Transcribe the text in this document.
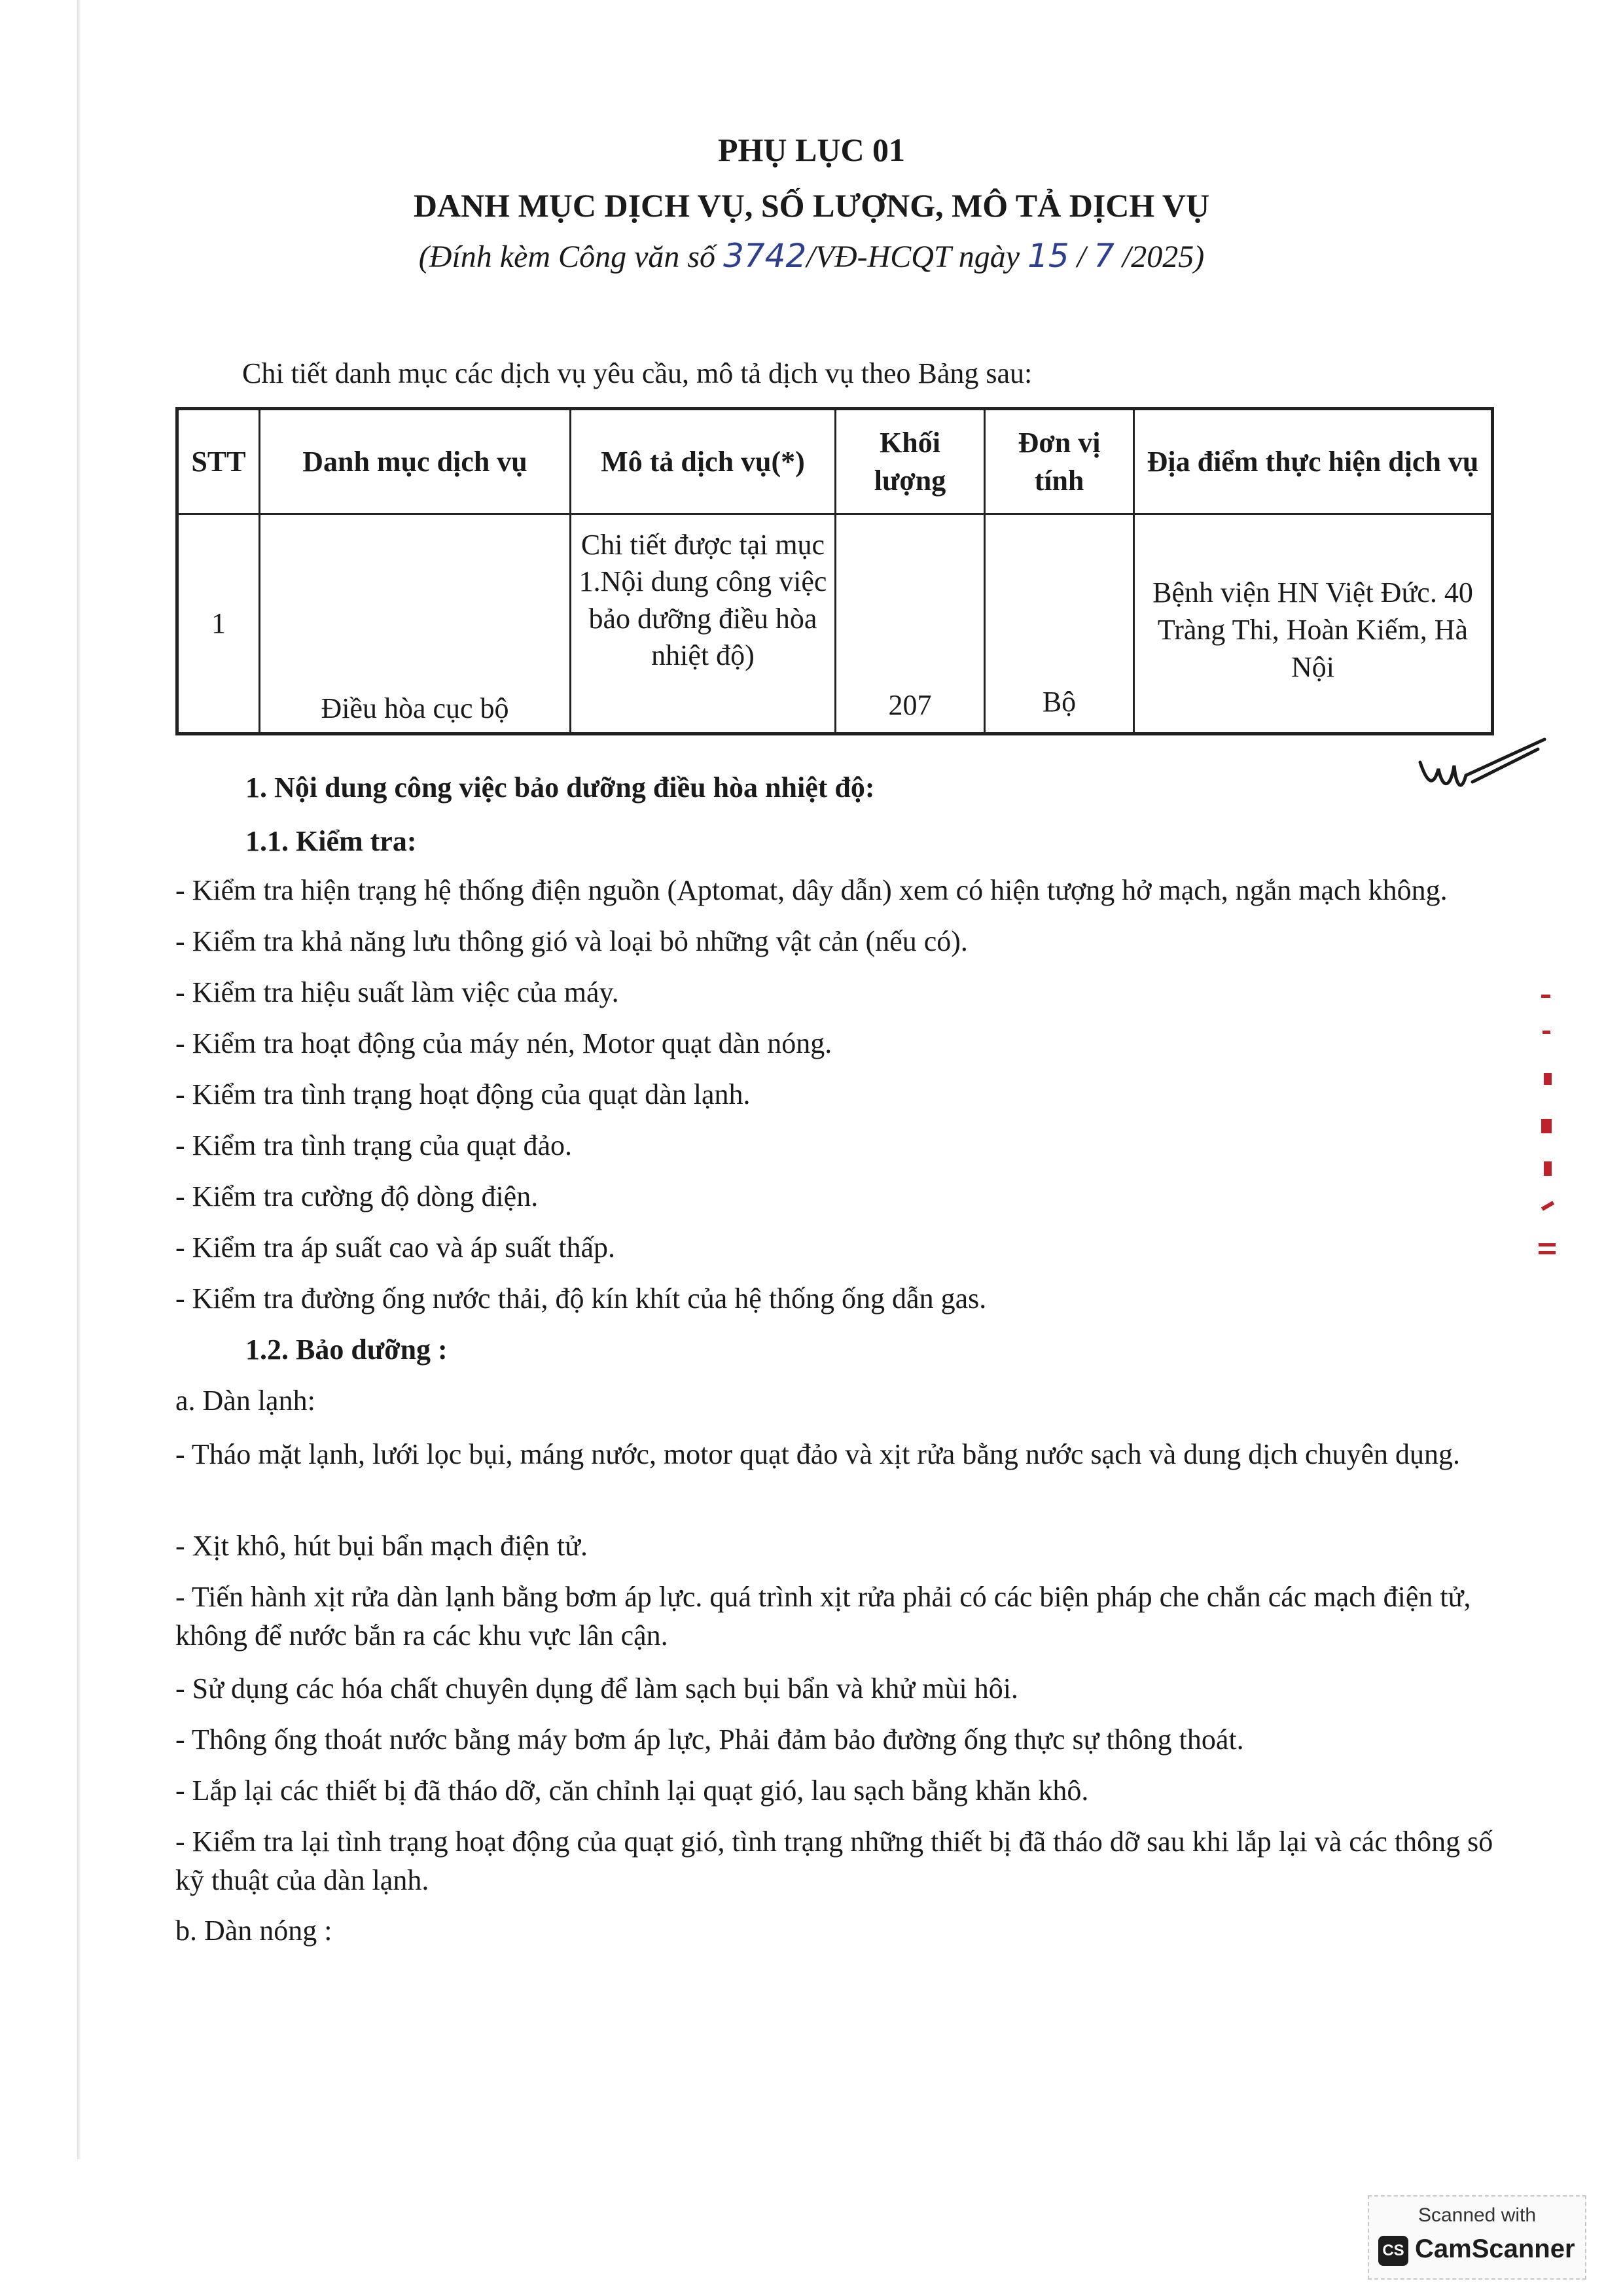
PHỤ LỤC 01
DANH MỤC DỊCH VỤ, SỐ LƯỢNG, MÔ TẢ DỊCH VỤ
(Đính kèm Công văn số 3742/VĐ-HCQT ngày 15 / 7 /2025)
Chi tiết danh mục các dịch vụ yêu cầu, mô tả dịch vụ theo Bảng sau:
STT	Danh mục dịch vụ	Mô tả dịch vụ(*)	Khối lượng	Đơn vị tính	Địa điểm thực hiện dịch vụ

1	Điều hòa cục bộ	Chi tiết được tại mục 1.Nội dung công việc bảo dưỡng điều hòa nhiệt độ)	207	Bộ	Bệnh viện HN Việt Đức. 40 Tràng Thi, Hoàn Kiếm, Hà Nội
1. Nội dung công việc bảo dưỡng điều hòa nhiệt độ:
1.1. Kiểm tra:
- Kiểm tra hiện trạng hệ thống điện nguồn (Aptomat, dây dẫn) xem có hiện tượng hở mạch, ngắn mạch không.
- Kiểm tra khả năng lưu thông gió và loại bỏ những vật cản (nếu có).
- Kiểm tra hiệu suất làm việc của máy.
- Kiểm tra hoạt động của máy nén, Motor quạt dàn nóng.
- Kiểm tra tình trạng hoạt động của quạt dàn lạnh.
- Kiểm tra tình trạng của quạt đảo.
- Kiểm tra cường độ dòng điện.
- Kiểm tra áp suất cao và áp suất thấp.
- Kiểm tra đường ống nước thải, độ kín khít của hệ thống ống dẫn gas.
1.2. Bảo dưỡng :
a. Dàn lạnh:
- Tháo mặt lạnh, lưới lọc bụi, máng nước, motor quạt đảo và xịt rửa bằng nước sạch và dung dịch chuyên dụng.
- Xịt khô, hút bụi bẩn mạch điện tử.
- Tiến hành xịt rửa dàn lạnh bằng bơm áp lực. quá trình xịt rửa phải có các biện pháp che chắn các mạch điện tử, không để nước bắn ra các khu vực lân cận.
- Sử dụng các hóa chất chuyên dụng để làm sạch bụi bẩn và khử mùi hôi.
- Thông ống thoát nước bằng máy bơm áp lực, Phải đảm bảo đường ống thực sự thông thoát.
- Lắp lại các thiết bị đã tháo dỡ, căn chỉnh lại quạt gió, lau sạch bằng khăn khô.
- Kiểm tra lại tình trạng hoạt động của quạt gió, tình trạng những thiết bị đã tháo dỡ sau khi lắp lại và các thông số kỹ thuật của dàn lạnh.
b. Dàn nóng :
Scanned with
CS CamScanner
